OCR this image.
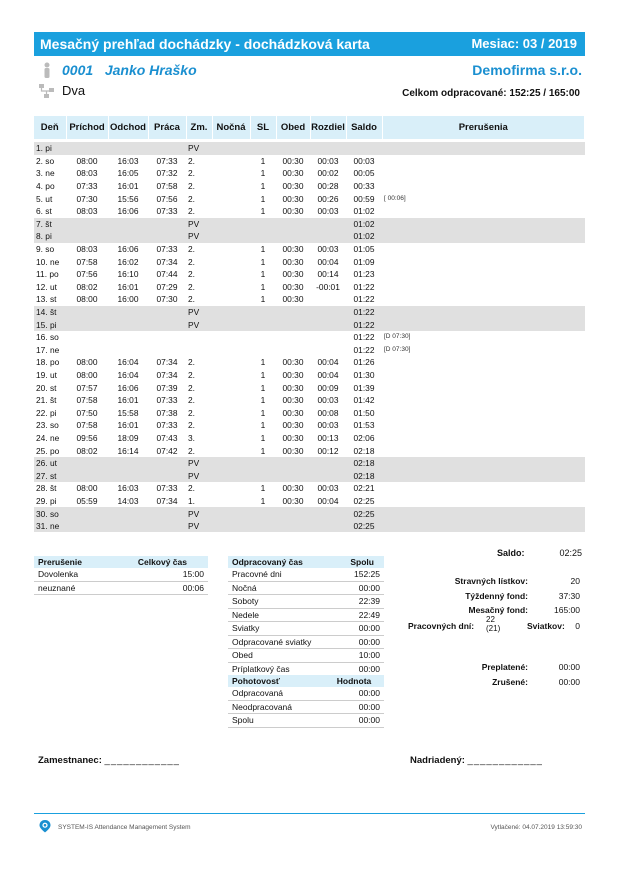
Mesačný prehľad dochádzky - dochádzková karta	Mesiac: 03 / 2019
0001 Janko Hraško	Demofirma s.r.o.
Dva	Celkom odpracované: 152:25 / 165:00
Deň	Príchod	Odchod	Práca	Zm.	Nočná	SL	Obed	Rozdiel	Saldo	Prerušenia

1. pi				PV						
2. so	08:00	16:03	07:33	2.		1	00:30	00:03	00:03	
3. ne	08:03	16:05	07:32	2.		1	00:30	00:02	00:05	
4. po	07:33	16:01	07:58	2.		1	00:30	00:28	00:33	
5. ut	07:30	15:56	07:56	2.		1	00:30	00:26	00:59	[ 00:06]
6. st	08:03	16:06	07:33	2.		1	00:30	00:03	01:02	
7. št				PV					01:02	
8. pi				PV					01:02	
9. so	08:03	16:06	07:33	2.		1	00:30	00:03	01:05	
10. ne	07:58	16:02	07:34	2.		1	00:30	00:04	01:09	
11. po	07:56	16:10	07:44	2.		1	00:30	00:14	01:23	
12. ut	08:02	16:01	07:29	2.		1	00:30	-00:01	01:22	
13. st	08:00	16:00	07:30	2.		1	00:30		01:22	
14. št				PV					01:22	
15. pi				PV					01:22	
16. so									01:22	[D 07:30]
17. ne									01:22	[D 07:30]
18. po	08:00	16:04	07:34	2.		1	00:30	00:04	01:26	
19. ut	08:00	16:04	07:34	2.		1	00:30	00:04	01:30	
20. st	07:57	16:06	07:39	2.		1	00:30	00:09	01:39	
21. št	07:58	16:01	07:33	2.		1	00:30	00:03	01:42	
22. pi	07:50	15:58	07:38	2.		1	00:30	00:08	01:50	
23. so	07:58	16:01	07:33	2.		1	00:30	00:03	01:53	
24. ne	09:56	18:09	07:43	3.		1	00:30	00:13	02:06	
25. po	08:02	16:14	07:42	2.		1	00:30	00:12	02:18	
26. ut				PV					02:18	
27. st				PV					02:18	
28. št	08:00	16:03	07:33	2.		1	00:30	00:03	02:21	
29. pi	05:59	14:03	07:34	1.		1	00:30	00:04	02:25	
30. so				PV					02:25	
31. ne				PV					02:25	
Prerušenie	Celkový čas
Dovolenka	15:00
neuznané	00:06
Odpracovaný čas	Spolu
Pracovné dni	152:25
Nočná	00:00
Soboty	22:39
Nedele	22:49
Sviatky	00:00
Odpracované sviatky	00:00
Obed	10:00
Príplatkový čas	00:00
Pohotovosť	Hodnota
Odpracovaná	00:00
Neodpracovaná	00:00
Spolu	00:00
Saldo:	02:25
Stravných lístkov:	20
Týždenný fond:	37:30
Mesačný fond:	165:00
Pracovných dní:
22
(21)	Sviatkov: 0
Preplatené:	00:00
Zrušené:	00:00
Zamestnanec: ____________	Nadriadený: ____________
SYSTEM-IS Attendance Management System	Vytlačené: 04.07.2019 13:59:30
